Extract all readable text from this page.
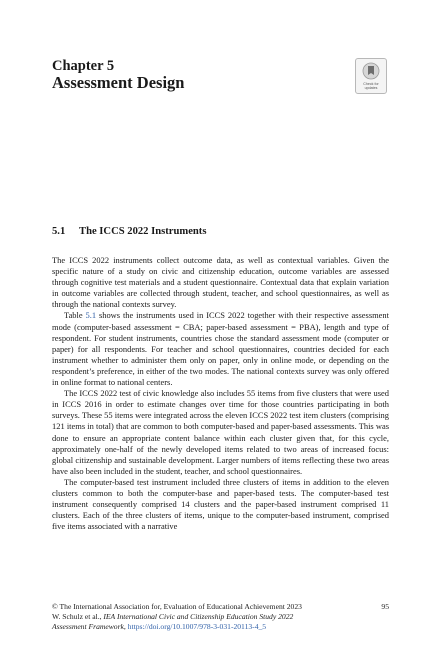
Chapter 5
Assessment Design	Check for
updates
5.1 The ICCS 2022 Instruments

The ICCS 2022 instruments collect outcome data, as well as contextual variables. Given the specific nature of a study on civic and citizenship education, outcome variables are assessed through cognitive test materials and a student questionnaire. Contextual data that explain variation in outcome variables are collected through student, teacher, and school questionnaires, as well as through the national contexts survey.

Table 5.1 shows the instruments used in ICCS 2022 together with their respective assessment mode (computer-based assessment = CBA; paper-based assessment = PBA), length and type of respondent. For student instruments, countries chose the standard assessment mode (computer or paper) for all respondents. For teacher and school questionnaires, countries decided for each instrument whether to administer them only on paper, only in online mode, or depending on the respondent’s preference, in either of the two modes. The national contexts survey was only offered in online format to national centers.

The ICCS 2022 test of civic knowledge also includes 55 items from five clusters that were used in ICCS 2016 in order to estimate changes over time for those countries participating in both surveys. These 55 items were integrated across the eleven ICCS 2022 test item clusters (comprising 121 items in total) that are common to both computer-based and paper-based assessments. This was done to ensure an appropriate content balance within each cluster given that, for this cycle, approximately one-half of the newly developed items related to two areas of increased focus: global citizenship and sustainable development. Larger numbers of items reflecting these two areas have also been included in the student, teacher, and school questionnaires.

The computer-based test instrument included three clusters of items in addition to the eleven clusters common to both the computer-base and paper-based tests. The computer-based test instrument consequently comprised 14 clusters and the paper-based instrument comprised 11 clusters. Each of the three clusters of items, unique to the computer-based instrument, comprised five items associated with a narrative

© The International Association for, Evaluation of Educational Achievement 2023	95
W. Schulz et al., IEA International Civic and Citizenship Education Study 2022
Assessment Framework, https://doi.org/10.1007/978-3-031-20113-4_5
